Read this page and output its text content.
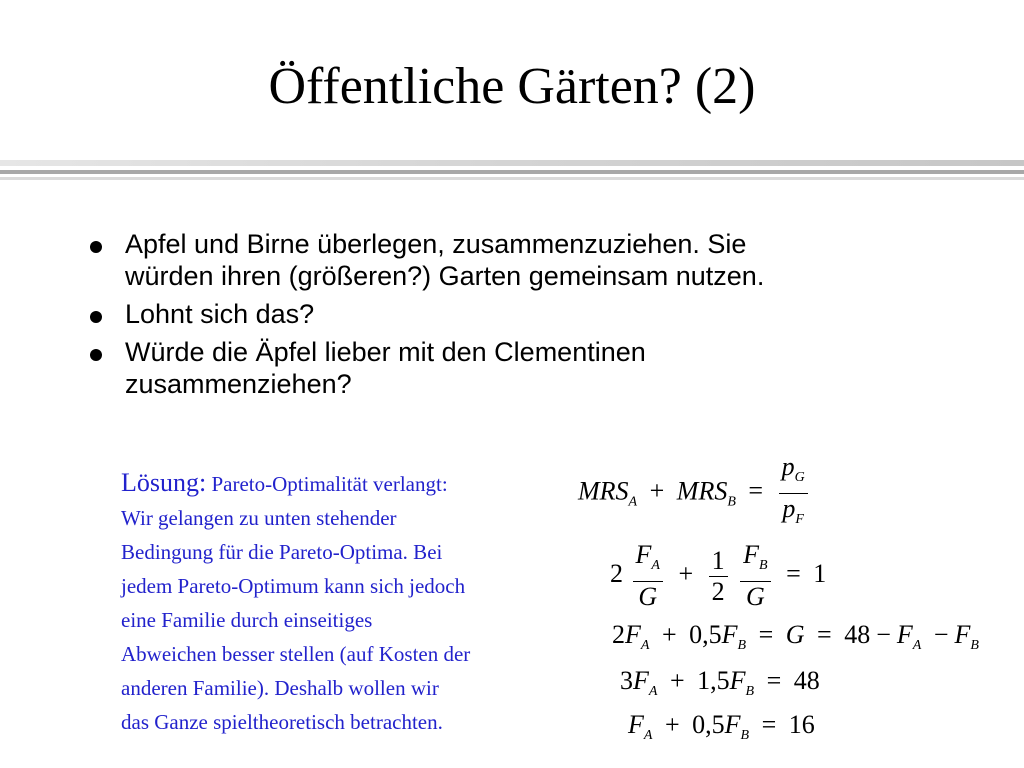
Öffentliche Gärten? (2)
Apfel und Birne überlegen, zusammenzuziehen. Sie
würden ihren (größeren?) Garten gemeinsam nutzen.
Lohnt sich das?
Würde die Äpfel lieber mit den Clementinen
zusammenziehen?
Lösung: Pareto-Optimalität verlangt:
Wir gelangen zu unten stehender
Bedingung für die Pareto-Optima. Bei
jedem Pareto-Optimum kann sich jedoch
eine Familie durch einseitiges
Abweichen besser stellen (auf Kosten der
anderen Familie). Deshalb wollen wir
das Ganze spieltheoretisch betrachten.
$MRS_A + MRS_B = \frac{p_G}{p_F}$
$2 \frac{F_A}{G} + \frac{1}{2}$
$\frac{F_B}{G} = 1$
$2F_A + 0,5F_B = G = 48 - F_A - F_B$
$3F_A + 1,5F_B = 48$
$F_A + 0,5F_B = 16$
